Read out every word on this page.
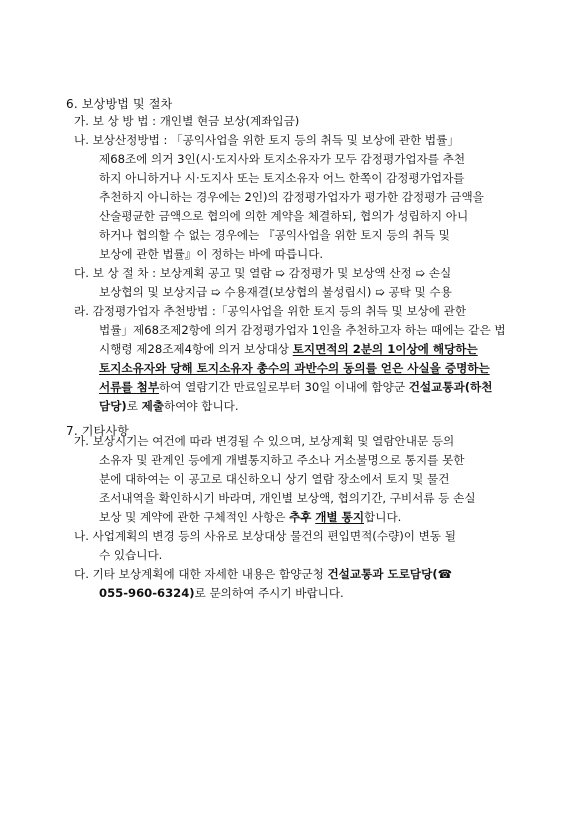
6. 보상방법 및 절차
가. 보 상 방 법 : 개인별 현금 보상(계좌입금)
나. 보상산정방법 : 「공익사업을 위한 토지 등의 취득 및 보상에 관한 법률」
제68조에 의거 3인(시·도지사와 토지소유자가 모두 감정평가업자를 추천
하지 아니하거나 시·도지사 또는 토지소유자 어느 한쪽이 감정평가업자를
추천하지 아니하는 경우에는 2인)의 감정평가업자가 평가한 감정평가 금액을
산술평균한 금액으로 협의에 의한 계약을 체결하되, 협의가 성립하지 아니
하거나 협의할 수 없는 경우에는 『공익사업을 위한 토지 등의 취득 및
보상에 관한 법률』이 정하는 바에 따릅니다.
다. 보 상 절 차 : 보상계획 공고 및 열람 ➯ 감정평가 및 보상액 산정 ➯ 손실
보상협의 및 보상지급 ➯ 수용재결(보상협의 불성립시) ➯ 공탁 및 수용
라. 감정평가업자 추천방법 :「공익사업을 위한 토지 등의 취득 및 보상에 관한
법률」제68조제2항에 의거 감정평가업자 1인을 추천하고자 하는 때에는 같은 법
시행령 제28조제4항에 의거 보상대상 토지면적의 2분의 1이상에 해당하는
토지소유자와 당해 토지소유자 총수의 과반수의 동의를 얻은 사실을 증명하는
서류를 첨부 하여 열람기간 만료일로부터 30일 이내에 함양군 건설교통과(하천
담당) 로 제출 하여야 합니다.
7. 기타사항
가. 보상시기는 여건에 따라 변경될 수 있으며, 보상계획 및 열람안내문 등의
소유자 및 관계인 등에게 개별통지하고 주소나 거소불명으로 통지를 못한
분에 대하여는 이 공고로 대신하오니 상기 열람 장소에서 토지 및 물건
조서내역을 확인하시기 바라며, 개인별 보상액, 협의기간, 구비서류 등 손실
보상 및 계약에 관한 구체적인 사항은 추후
개별 통지 합니다.
나. 사업계획의 변경 등의 사유로 보상대상 물건의 편입면적(수량)이 변동 될
수 있습니다.
다. 기타 보상계획에 대한 자세한 내용은 함양군청 건설교통과 도로담당(☎
055-960-6324) 로 문의하여 주시기 바랍니다.
